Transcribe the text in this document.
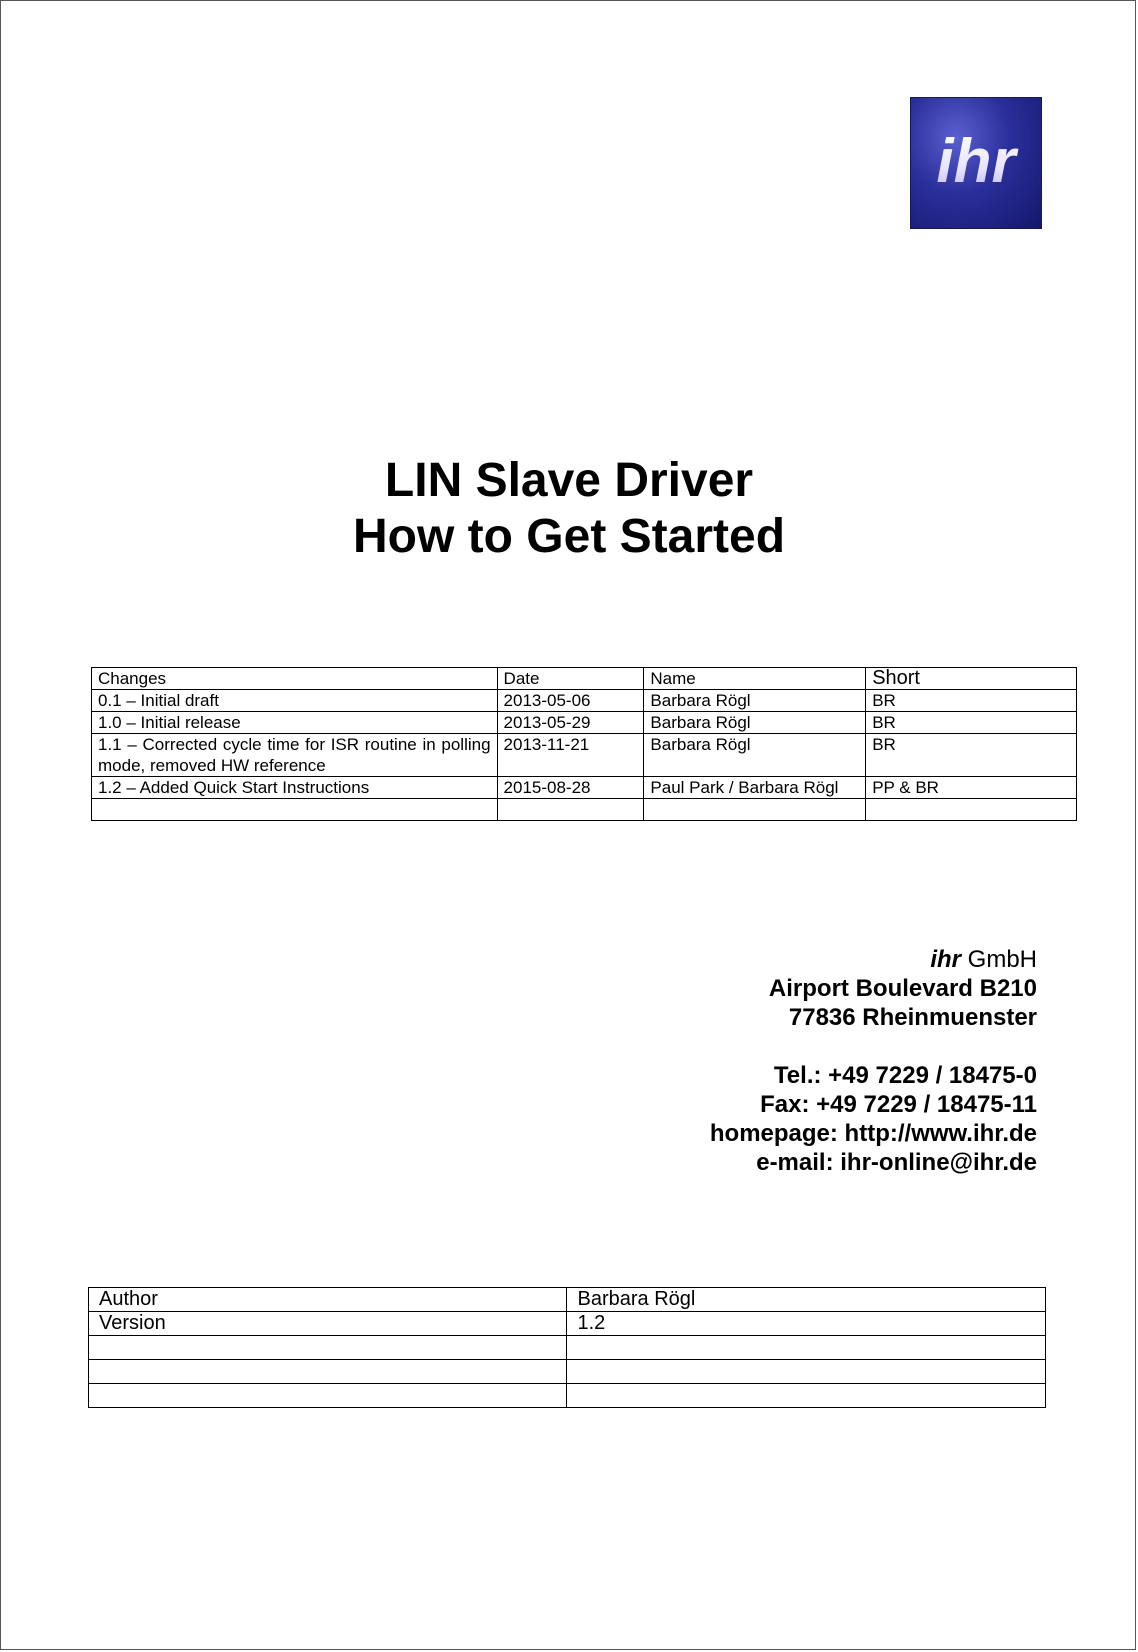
ihr
LIN Slave Driver
How to Get Started
Changes	Date	Name	Short
0.1 – Initial draft	2013-05-06	Barbara Rögl	BR
1.0 – Initial release	2013-05-29	Barbara Rögl	BR
1.1 – Corrected cycle time for ISR routine in polling mode, removed HW reference	2013-11-21	Barbara Rögl	BR
1.2 – Added Quick Start Instructions	2015-08-28	Paul Park / Barbara Rögl	PP & BR

ihr GmbH
Airport Boulevard B210
77836 Rheinmuenster
Tel.: +49 7229 / 18475-0
Fax: +49 7229 / 18475-11
homepage: http://www.ihr.de
e-mail: ihr-online@ihr.de
Author	Barbara Rögl
Version	1.2
